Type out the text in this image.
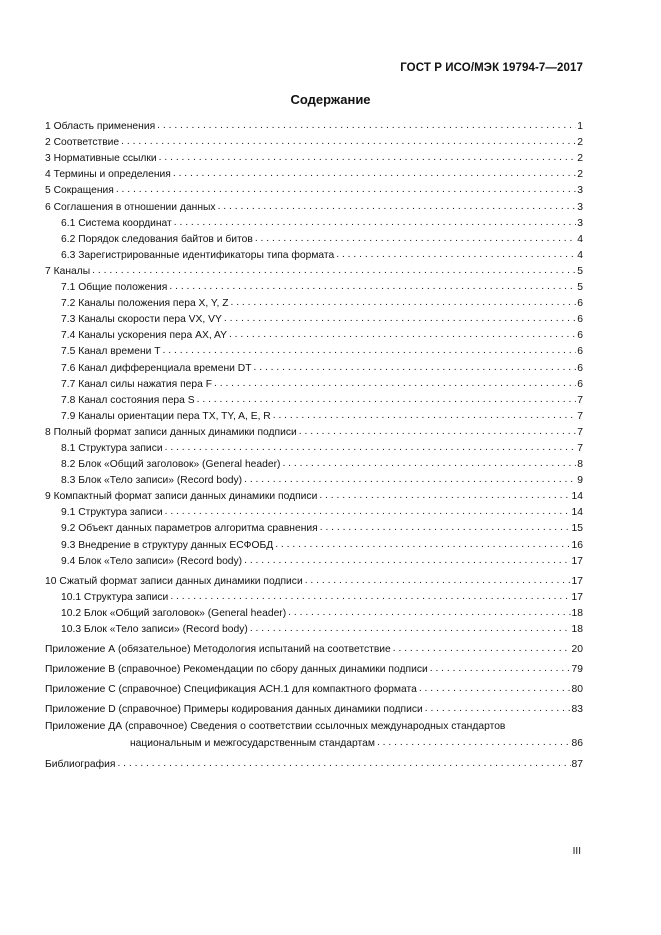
ГОСТ Р ИСО/МЭК 19794-7—2017
Содержание
1 Область применения . . .	1
2 Соответствие . . .	2
3 Нормативные ссылки . . .	2
4 Термины и определения . . .	2
5 Сокращения . . .	3
6 Соглашения в отношении данных . . .	3
6.1 Система координат . . .	3
6.2 Порядок следования байтов и битов . . .	4
6.3 Зарегистрированные идентификаторы типа формата . . .	4
7 Каналы . . .	5
7.1 Общие положения . . .	5
7.2 Каналы положения пера X, Y, Z . . .	6
7.3 Каналы скорости пера VX, VY . . .	6
7.4 Каналы ускорения пера AX, AY . . .	6
7.5 Канал времени T . . .	6
7.6 Канал дифференциала времени DT . . .	6
7.7 Канал силы нажатия пера F . . .	6
7.8 Канал состояния пера S . . .	7
7.9 Каналы ориентации пера TX, TY, A, E, R . . .	7
8 Полный формат записи данных динамики подписи . . .	7
8.1 Структура записи . . .	7
8.2 Блок «Общий заголовок» (General header) . . .	8
8.3 Блок «Тело записи» (Record body) . . .	9
9 Компактный формат записи данных динамики подписи . . .	14
9.1 Структура записи . . .	14
9.2 Объект данных параметров алгоритма сравнения . . .	15
9.3 Внедрение в структуру данных ЕСФОБД . . .	16
9.4 Блок «Тело записи» (Record body) . . .	17
10 Сжатый формат записи данных динамики подписи . . .	17
10.1 Структура записи . . .	17
10.2 Блок «Общий заголовок» (General header) . . .	18
10.3 Блок «Тело записи» (Record body) . . .	18
Приложение А (обязательное) Методология испытаний на соответствие . . .	20
Приложение В (справочное) Рекомендации по сбору данных динамики подписи . . .	79
Приложение С (справочное) Спецификация АСН.1 для компактного формата . . .	80
Приложение D (справочное) Примеры кодирования данных динамики подписи . . .	83
Приложение ДА (справочное) Сведения о соответствии ссылочных международных стандартов
национальным и межгосударственным стандартам . . .	86
Библиография . . .	87
III
